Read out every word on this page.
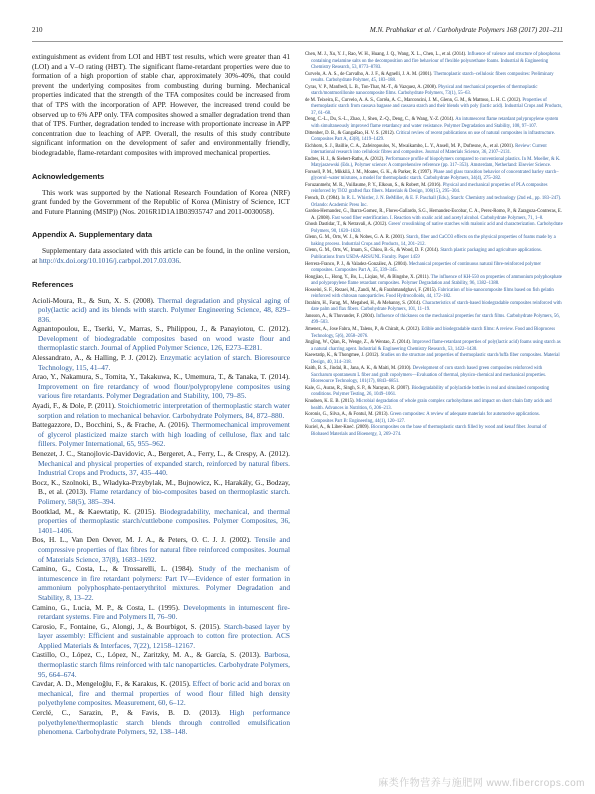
210	M.N. Prabhakar et al. / Carbohydrate Polymers 168 (2017) 201–211

extinguishment as evident from LOI and HBT test results, which were greater than 41 (LOI) and a V–O rating (HBT). The significant flame-retardant properties were due to formation of a high proportion of stable char, approximately 30%-40%, that could prevent the underlying composites from combusting during burning. Mechanical properties indicated that the strength of the TFA composites could be increased from that of TPS with the incorporation of APP. However, the increased trend could be observed up to 6% APP only. TFA composites showed a smaller degradation trend than that of TPS. Further, degradation tended to increase with proportionate increase in APP concentration due to leaching of APP. Overall, the results of this study contribute significant information on the development of safer and environmentally friendly, biodegradable, flame-retardant composites with improved mechanical properties.

Acknowledgements

This work was supported by the National Research Foundation of Korea (NRF) grant funded by the Government of the Republic of Korea (Ministry of Science, ICT and Future Planning (MSIP)) (Nos. 2016R1D1A1B03935747 and 2011-0030058).

Appendix A. Supplementary data

Supplementary data associated with this article can be found, in the online version, at http://dx.doi.org/10.1016/j.carbpol.2017.03.036.

References

Acioli-Moura, R., & Sun, X. S. (2008). Thermal degradation and physical aging of poly(lactic acid) and its blends with starch. Polymer Engineering Science, 48, 829–836.

Agnantopoulou, E., Tserki, V., Marras, S., Philippou, J., & Panayiotou, C. (2012). Development of biodegradable composites based on wood waste flour and thermoplastic starch. Journal of Applied Polymer Science, 126, E273–E281.

Alessandrato, A., & Halling, P. J. (2012). Enzymatic acylation of starch. Bioresource Technology, 115, 41–47.

Arao, Y., Nakamura, S., Tomita, Y., Takakuwa, K., Umemura, T., & Tanaka, T. (2014). Improvement on fire retardancy of wood flour/polypropylene composites using various fire retardants. Polymer Degradation and Stability, 100, 79–85.

Ayadi, F., & Dole, P. (2011). Stoichiometric interpretation of thermoplastic starch water sorption and relation to mechanical behavior. Carbohydrate Polymers, 84, 872–880.

Battegazzore, D., Bocchini, S., & Frache, A. (2016). Thermomechanical improvement of glycerol plasticized maize starch with high loading of cellulose, flax and talc fillers. Polymer International, 65, 955–962.

Benezet, J. C., Stanojlovic-Davidovic, A., Bergeret, A., Ferry, L., & Crespy, A. (2012). Mechanical and physical properties of expanded starch, reinforced by natural fibers. Industrial Crops and Products, 37, 435–440.

Bocz, K., Szolnoki, B., Władyka-Przybylak, M., Bujnowicz, K., Harakály, G., Bodzay, B., et al. (2013). Flame retardancy of bio-composites based on thermoplastic starch. Polimery, 58(5), 385–394.

Bootklad, M., & Kaewtatip, K. (2015). Biodegradability, mechanical, and thermal properties of thermoplastic starch/cuttlebone composites. Polymer Composites, 36, 1401–1406.

Bos, H. L., Van Den Oever, M. J. A., & Peters, O. C. J. J. (2002). Tensile and compressive properties of flax fibres for natural fibre reinforced composites. Journal of Materials Science, 37(8), 1683–1692.

Camino, G., Costa, L., & Trossarelli, L. (1984). Study of the mechanism of intumescence in fire retardant polymers: Part IV—Evidence of ester formation in ammonium polyphosphate-pentaerythritol mixtures. Polymer Degradation and Stability, 8, 13–22.

Camino, G., Lucia, M. P., & Costa, L. (1995). Developments in intumescent fire-retardant systems. Fire and Polymers II, 76–90.

Carosio, F., Fontaine, G., Alongi, J., & Bourbigot, S. (2015). Starch-based layer by layer assembly: Efficient and sustainable approach to cotton fire protection. ACS Applied Materials & Interfaces, 7(22), 12158–12167.

Castillo, O., López, C., López, N., Zaritzky, M. A., & García, S. (2013). Barbosa, thermoplastic starch films reinforced with talc nanoparticles. Carbohydrate Polymers, 95, 664–674.

Cavdar, A. D., Mengeloğlu, F., & Karakus, K. (2015). Effect of boric acid and borax on mechanical, fire and thermal properties of wood flour filled high density polyethylene composites. Measurement, 60, 6–12.

Cerclé, C., Sarazin, P., & Favis, B. D. (2013). High performance polyethylene/thermoplastic starch blends through controlled emulsification phenomena. Carbohydrate Polymers, 92, 138–148.

Chen, M. J., Xu, Y. J., Rao, W. H., Huang, J. Q., Wang, X. L., Chen, L., et al. (2014). Influence of valence and structure of phosphorus containing melamine salts on the decomposition and fire behaviour of flexible polyurethane foams. Industrial & Engineering Chemistry Research, 53, 8773–8783.

Curvelo, A. A. S., de Carvalho, A. J. F., & Agnelli, J. A. M. (2001). Thermoplastic starch–cellulosic fibers composites: Preliminary results. Carbohydrate Polymer, 45, 183–188.

Cyras, V. P., Manfredi, L. B., Ton-That, M.-T., & Vazquez, A. (2008). Physical and mechanical properties of thermoplastic starch/montmorillonite nanocomposite films. Carbohydrate Polymers, 73(1), 55–63.

de M. Teixeira, E., Curvelo, A. A. S., Corrêa, A. C., Marconcini, J. M., Glenn, G. M., & Mattoso, L. H. C. (2012). Properties of thermoplastic starch from cassava bagasse and cassava starch and their blends with poly (lactic acid). Industrial Crops and Products, 37, 61–68.

Deng, C.-L., Du, S.-L., Zhao, J., Shen, Z.-Q., Deng, C., & Wang, Y.-Z. (2014). An intumescent flame retardant polypropylene system with simultaneously improved flame retardancy and water resistance. Polymer Degradation and Stability, 108, 97–107.

Dittenber, D. B., & GangaRao, H. V. S. (2012). Critical review of recent publications on use of natural composites in infrastructure. Composites Part A, 43(8), 1419–1429.

Eichhorn, S. J., Baillie, C. A., Zafeiropoulos, N., Mwaikambo, L. Y., Ansell, M. P., Dufresne, A., et al. (2001). Review: Current international research into cellulosic fibres and composites. Journal of Materials Science, 36, 2107–2131.

Endres, H. J., & Siebert-Raths, A. (2012). Performance profile of biopolymers compared to conventional plastics. In M. Moeller, & K. Matyjaszewski (Eds.), Polymer science: A comprehensive reference (pp. 317–353). Amsterdam, Netherland: Elsevier Science.

Forssell, P. M., Mikkilä, J. M., Moates, G. K., & Parker, R. (1997). Phase and glass transition behavior of concentrated barley starch–glycerol–water mixtures, a model for thermoplastic starch. Carbohydrate Polymers, 34(4), 275–282.

Foruzanmehr, M. R., Vuillaume, P. Y., Elkoun, S., & Robert, M. (2016). Physical and mechanical properties of PLA composites reinforced by TiO2 grafted flax fibers. Materials & Design, 106(15), 295–304.

French, D. (1984). In R. L. Whistler, J. N. BeMiller, & E. F. Paschall (Eds.), Starch: Chemistry and technology (2nd ed., pp. 183–247). Orlando: Academic Press Inc.

Gardea-Hernandez, G., Ibarra-Gomez, R., Flores-Gallardo, S.G., Hernandez-Escobar, C. A., Perez-Romo, P., & Zaragoza-Contreras, E. A. (2008). Fast wood fiber esterification. I. Reaction with oxalic acid and acetyl alcohol. Carbohydrate Polymers, 71, 1–8.

Ghosh Dastidar, T., & Netravali, A. (2012). Green' crosslinking of native starches with malonic acid and characterization. Carbohydrate Polymers, 90, 1620–1628.

Glenn, G. M., Orts, W. J., & Nobes, G. A. R. (2001). Starch, fiber and CaCO3 effects on the physical properties of foams made by a baking process. Industrial Crops and Products, 14, 201–212.

Glenn, G. M., Orts, W., Imam, S., Chiou, B.-S., & Wood, D. F. (2014). Starch plastic packaging and agriculture applications. Publications from USDA-ARS/UNL Faculty. Paper 1459

Herrera-Franco, P. J., & Valadez-González, A. (2004). Mechanical properties of continuous natural fibre-reinforced polymer composites. Composites Part A, 35, 339–345.

Hongjiao, L., Hong, Y., Bo, L., Liqiao, W., & Bingshe, X. (2011). The influence of KH-550 on properties of ammonium polyphosphate and polypropylene flame retardant composites. Polymer Degradation and Stability, 96, 1382–1388.

Hosseini, S. F., Rezaei, M., Zandi, M., & Farahmandghavi, F. (2015). Fabrication of bio-nanocomposite films based on fish gelatin reinforced with chitosan nanoparticles. Food Hydrocolloids, 44, 172–182.

Ibrahim, H., Farag, M., Megahed, H., & Mehanny, S. (2014). Characteristics of starch-based biodegradable composites reinforced with date palm and flax fibers. Carbohydrate Polymers, 101, 11–19.

Jansson, A., & Thuvander, F. (2004). Influence of thickness on the mechanical properties for starch films. Carbohydrate Polymers, 56, 499–503.

Jimenez, A., Jose Fabra, M., Talens, P., & Chiralt, A. (2012). Edible and biodegradable starch films: A review. Food and Bioprocess Technology, 5(6), 2058–2076.

Jingjing, W., Qian, R., Wenge, Z., & Wentao, Z. (2014). Improved flame-retardant properties of poly(lactic acid) foams using starch as a natural charring agent. Industrial & Engineering Chemistry Research, 53, 1422–1430.

Kaewtatip, K., & Thongmee, J. (2012). Studies on the structure and properties of thermoplastic starch/luffa fiber composites. Material Design, 40, 314–318.

Kaith, B. S., Jindal, R., Jana, A. K., & Maiti, M. (2010). Development of corn starch based green composites reinforced with Saccharum spontaneum L fiber and graft copolymers—Evaluation of thermal, physico-chemical and mechanical properties. Bioresource Technology, 101(17), 6843–6851.

Kale, G., Auras, R., Singh, S. P., & Narayan, R. (2007). Biodegradability of polylactide bottles in real and simulated composting conditions. Polymer Testing, 26, 1049–1061.

Knudsen, K. E. B. (2015). Microbial degradation of whole grain complex carbohydrates and impact on short chain fatty acids and health. Advances in Nutrition, 6, 206–213.

Koronis, G., Silva, A., & Fontul, M. (2013). Green composites: A review of adequate materials for automotive applications. Composites Part B: Engineering, 44(1), 120–127.

Kuciel, A., & Liber-Kneć. (2009). Biocomposites on the base of thermoplastic starch filled by wood and kenaf fiber. Journal of Biobased Materials and Bioenergy, 3, 269–274.

麻类作物营养与施肥网 www.fibercrops.com
